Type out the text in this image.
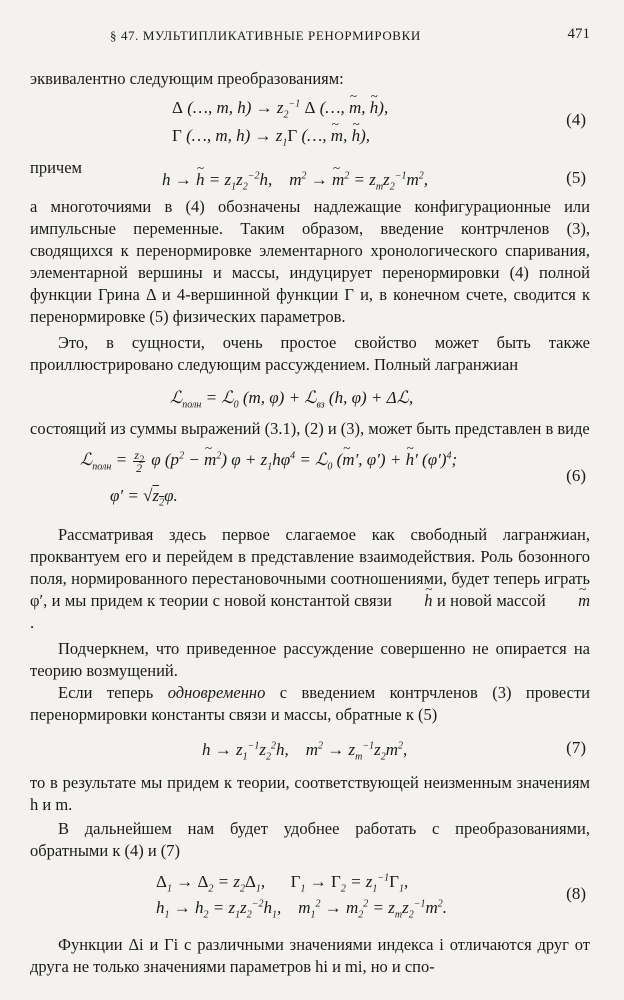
§ 47. МУЛЬТИПЛИКАТИВНЫЕ РЕНОРМИРОВКИ	471

эквивалентно следующим преобразованиям:

Δ (…, m, $h) \to z_2^{-1}$ Δ (…, ~ m, ~ h),
Γ (…, m, $h) \to z_1\Gamma$ (…, ~ m, ~ h),
(4)
причем
h → ~ $h = z_1z_2^{-2}h$,    $m^2$ → ~ $m^2 = z_mz_2^{-1}m^2$,	(5)

а многоточиями в (4) обозначены надлежащие конфигурационные или импульсные переменные. Таким образом, введение контрчленов (3), сводящихся к перенормировке элементарного хронологического спаривания, элементарной вершины и массы, индуцирует перенормировки (4) полной функции Грина Δ и 4-вершинной функции Γ и, в конечном счете, сводится к перенормировке (5) физических параметров.

Это, в сущности, очень простое свойство может быть также проиллюстрировано следующим рассуждением. Полный лагранжиан

ℒ$_{полн}$ = ℒ$_0$ (m, φ) + ℒ$_{вз}$ (h, φ) + Δℒ,

состоящий из суммы выражений (3.1), (2) и (3), может быть представлен в виде

ℒ$_{полн}$ = $\frac{z_2}{2}$ φ ($p^2$ − ~ $m^2$) $\varphi + z_1h\varphi^4$ = ℒ$_0$ (~ m′, φ′) + ~ h′ $(\varphi')^4$;
$\varphi' = √z_2\varphi$.
(6)

Рассматривая здесь первое слагаемое как свободный лагранжиан, проквантуем его и перейдем в представление взаимодействия. Роль бозонного поля, нормированного перестановочными соотношениями, будет теперь играть φ′, и мы придем к теории с новой константой связи ~ h и новой массой ~ m.

Подчеркнем, что приведенное рассуждение совершенно не опирается на теорию возмущений.

Если теперь одновременно с введением контрчленов (3) провести перенормировки константы связи и массы, обратные к (5)

$h \to z_1^{-1}z_2^2h$,    $m^2 \to z_m^{-1}z_2m^2$,	(7)

то в результате мы придем к теории, соответствующей неизменным значениям h и m.

В дальнейшем нам будет удобнее работать с преобразованиями, обратными к (4) и (7)

$\Delta_1 \to \Delta_2 = z_2\Delta_1$,      $\Gamma_1 \to \Gamma_2 = z_1^{-1}\Gamma_1$,
$h_1 \to h_2 = z_1z_2^{-2}h_1$,    $m_1^2 \to m_2^2 = z_mz_2^{-1}m^2$.
(8)

Функции Δi и Γi с различными значениями индекса i отличаются друг от друга не только значениями параметров hi и mi, но и спо-
